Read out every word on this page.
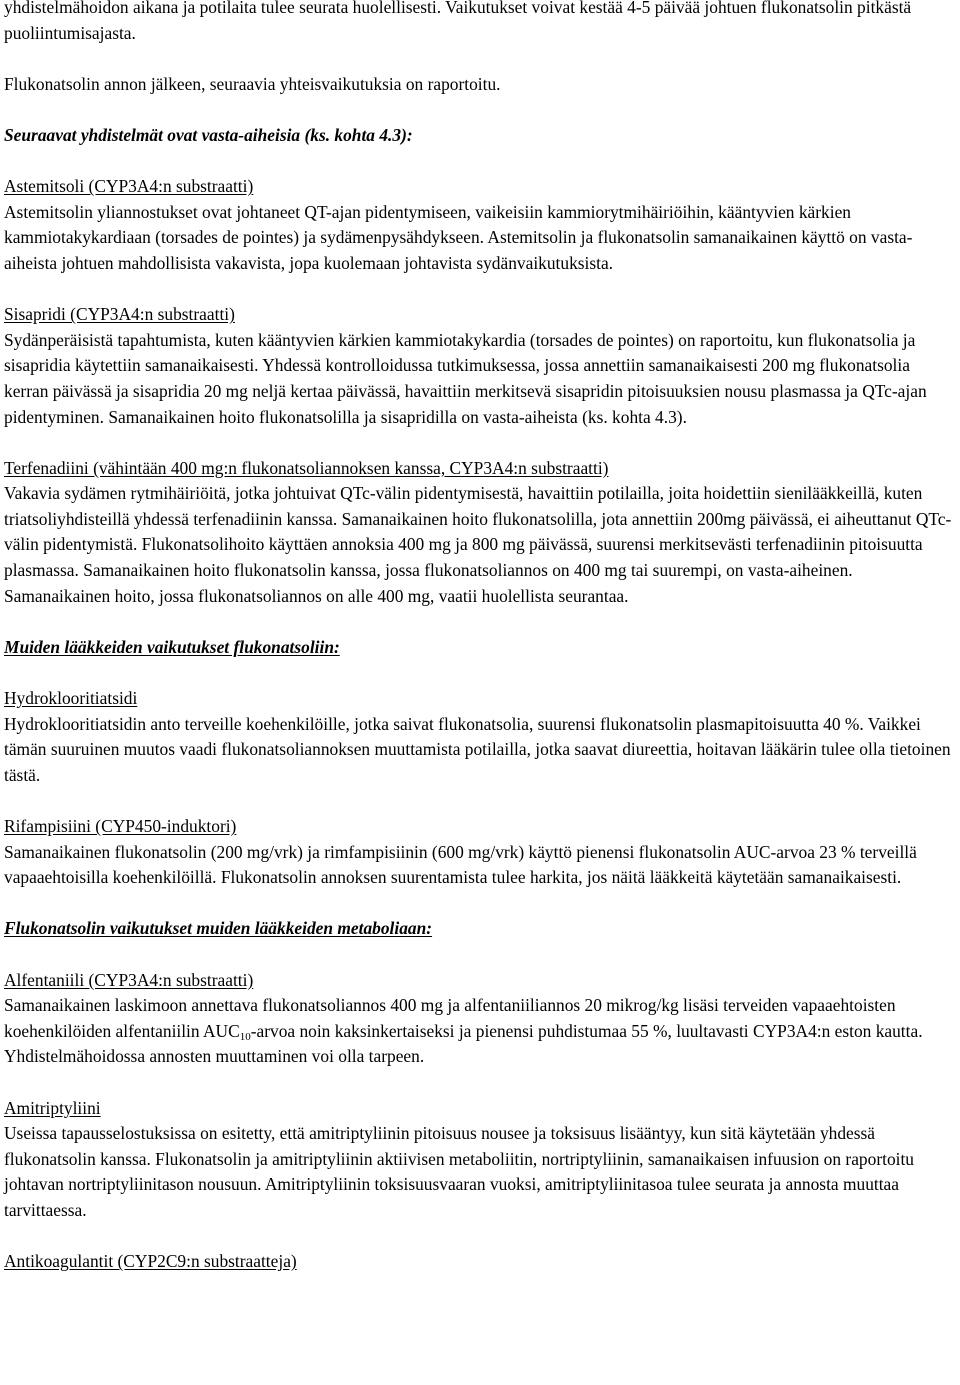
yhdistelmähoidon aikana ja potilaita tulee seurata huolellisesti. Vaikutukset voivat kestää 4-5 päivää johtuen flukonatsolin pitkästä puoliintumisajasta.

Flukonatsolin annon jälkeen, seuraavia yhteisvaikutuksia on raportoitu.

Seuraavat yhdistelmät ovat vasta-aiheisia (ks. kohta 4.3):

Astemitsoli (CYP3A4:n substraatti)

Astemitsolin yliannostukset ovat johtaneet QT-ajan pidentymiseen, vaikeisiin kammiorytmihäiriöihin, kääntyvien kärkien kammiotakykardiaan (torsades de pointes) ja sydämenpysähdykseen. Astemitsolin ja flukonatsolin samanaikainen käyttö on vasta-aiheista johtuen mahdollisista vakavista, jopa kuolemaan johtavista sydänvaikutuksista.

Sisapridi (CYP3A4:n substraatti)

Sydänperäisistä tapahtumista, kuten kääntyvien kärkien kammiotakykardia (torsades de pointes) on raportoitu, kun flukonatsolia ja sisapridia käytettiin samanaikaisesti. Yhdessä kontrolloidussa tutkimuksessa, jossa annettiin samanaikaisesti 200 mg flukonatsolia kerran päivässä ja sisapridia 20 mg neljä kertaa päivässä, havaittiin merkitsevä sisapridin pitoisuuksien nousu plasmassa ja QTc-ajan pidentyminen. Samanaikainen hoito flukonatsolilla ja sisapridilla on vasta-aiheista (ks. kohta 4.3).

Terfenadiini (vähintään 400 mg:n flukonatsoliannoksen kanssa, CYP3A4:n substraatti)

Vakavia sydämen rytmihäiriöitä, jotka johtuivat QTc-välin pidentymisestä, havaittiin potilailla, joita hoidettiin sienilääkkeillä, kuten triatsoliyhdisteillä yhdessä terfenadiinin kanssa. Samanaikainen hoito flukonatsolilla, jota annettiin 200mg päivässä, ei aiheuttanut QTc-välin pidentymistä. Flukonatsolihoito käyttäen annoksia 400 mg ja 800 mg päivässä, suurensi merkitsevästi terfenadiinin pitoisuutta plasmassa. Samanaikainen hoito flukonatsolin kanssa, jossa flukonatsoliannos on 400 mg tai suurempi, on vasta-aiheinen. Samanaikainen hoito, jossa flukonatsoliannos on alle 400 mg, vaatii huolellista seurantaa.

Muiden lääkkeiden vaikutukset flukonatsoliin:

Hydroklooritiatsidi

Hydroklooritiatsidin anto terveille koehenkilöille, jotka saivat flukonatsolia, suurensi flukonatsolin plasmapitoisuutta 40 %. Vaikkei tämän suuruinen muutos vaadi flukonatsoliannoksen muuttamista potilailla, jotka saavat diureettia, hoitavan lääkärin tulee olla tietoinen tästä.

Rifampisiini (CYP450-induktori)

Samanaikainen flukonatsolin (200 mg/vrk) ja rimfampisiinin (600 mg/vrk) käyttö pienensi flukonatsolin AUC-arvoa 23 % terveillä vapaaehtoisilla koehenkilöillä. Flukonatsolin annoksen suurentamista tulee harkita, jos näitä lääkkeitä käytetään samanaikaisesti.

Flukonatsolin vaikutukset muiden lääkkeiden metaboliaan:

Alfentaniili (CYP3A4:n substraatti)

Samanaikainen laskimoon annettava flukonatsoliannos 400 mg ja alfentaniiliannos 20 mikrog/kg lisäsi terveiden vapaaehtoisten koehenkilöiden alfentaniilin $AUC_{10}$-arvoa noin kaksinkertaiseksi ja pienensi puhdistumaa 55 %, luultavasti CYP3A4:n eston kautta. Yhdistelmähoidossa annosten muuttaminen voi olla tarpeen.

Amitriptyliini

Useissa tapausselostuksissa on esitetty, että amitriptyliinin pitoisuus nousee ja toksisuus lisääntyy, kun sitä käytetään yhdessä flukonatsolin kanssa. Flukonatsolin ja amitriptyliinin aktiivisen metaboliitin, nortriptyliinin, samanaikaisen infuusion on raportoitu johtavan nortriptyliinitason nousuun. Amitriptyliinin toksisuusvaaran vuoksi, amitriptyliinitasoa tulee seurata ja annosta muuttaa tarvittaessa.

Antikoagulantit (CYP2C9:n substraatteja)
